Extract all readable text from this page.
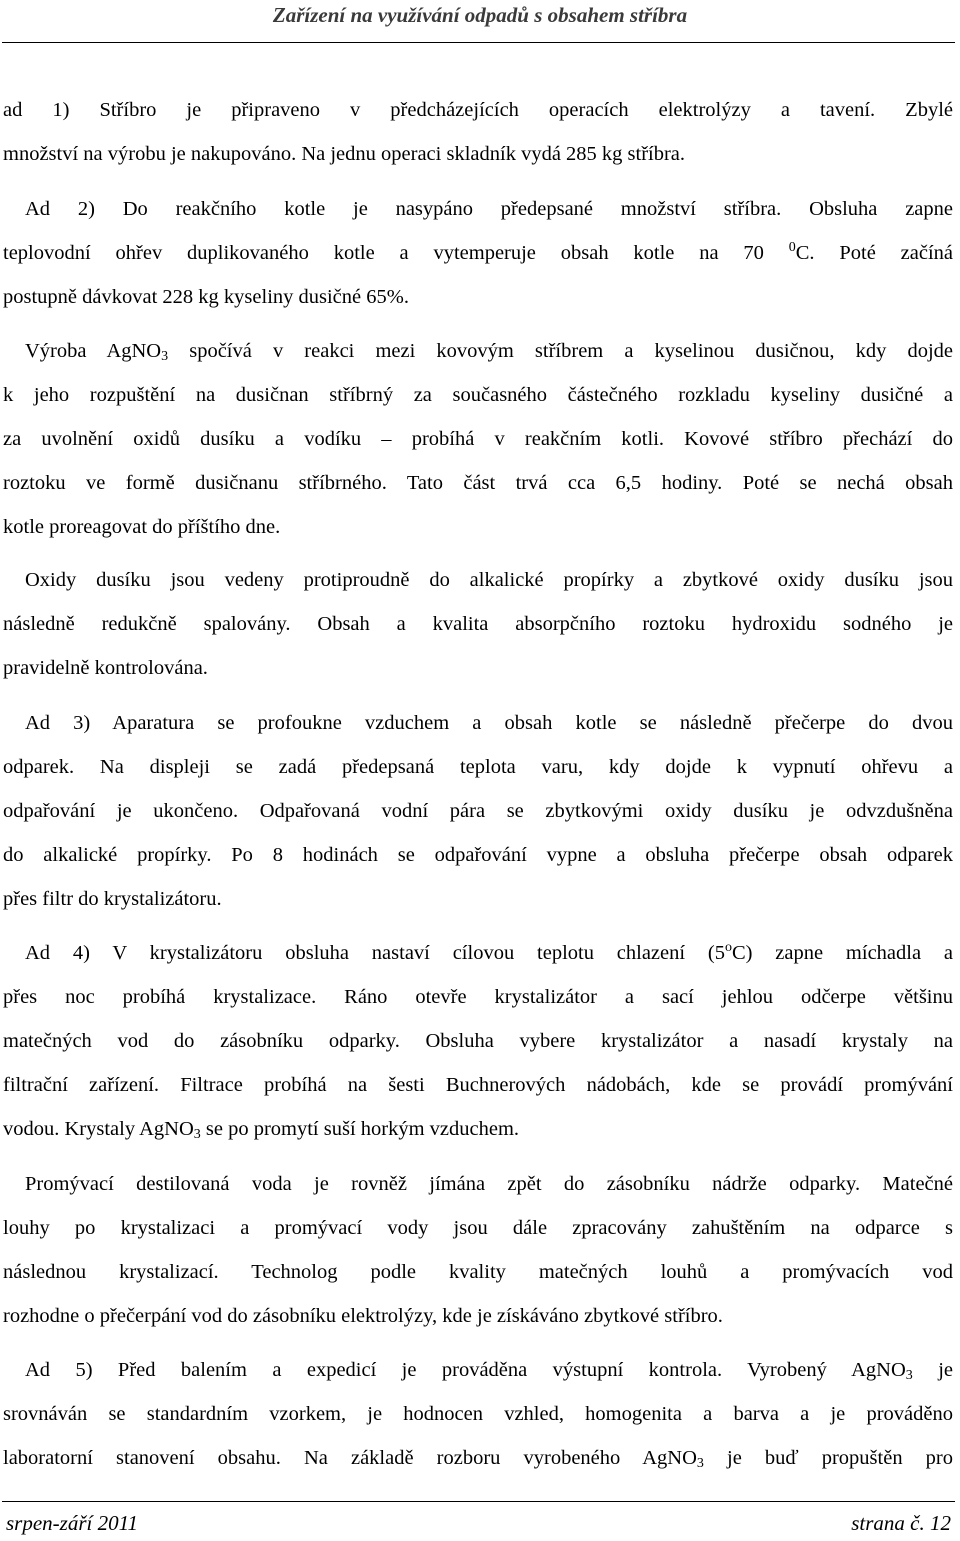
Zařízení na využívání odpadů s obsahem stříbra
ad 1) Stříbro je připraveno v předcházejících operacích elektrolýzy a tavení. Zbylé
množství na výrobu je nakupováno. Na jednu operaci skladník vydá 285 kg stříbra.
Ad 2) Do reakčního kotle je nasypáno předepsané množství stříbra. Obsluha zapne
teplovodní ohřev duplikovaného kotle a vytemperuje obsah kotle na 70 $^0$C. Poté začíná
postupně dávkovat 228 kg kyseliny dusičné 65%.
Výroba AgNO$_3$ spočívá v reakci mezi kovovým stříbrem a kyselinou dusičnou, kdy dojde
k jeho rozpuštění na dusičnan stříbrný za současného částečného rozkladu kyseliny dusičné a
za uvolnění oxidů dusíku a vodíku – probíhá v reakčním kotli. Kovové stříbro přechází do
roztoku ve formě dusičnanu stříbrného. Tato část trvá cca 6,5 hodiny. Poté se nechá obsah
kotle proreagovat do příštího dne.
Oxidy dusíku jsou vedeny protiproudně do alkalické propírky a zbytkové oxidy dusíku jsou
následně redukčně spalovány. Obsah a kvalita absorpčního roztoku hydroxidu sodného je
pravidelně kontrolována.
Ad 3) Aparatura se profoukne vzduchem a obsah kotle se následně přečerpe do dvou
odparek. Na displeji se zadá předepsaná teplota varu, kdy dojde k vypnutí ohřevu a
odpařování je ukončeno. Odpařovaná vodní pára se zbytkovými oxidy dusíku je odvzdušněna
do alkalické propírky. Po 8 hodinách se odpařování vypne a obsluha přečerpe obsah odparek
přes filtr do krystalizátoru.
Ad 4) V krystalizátoru obsluha nastaví cílovou teplotu chlazení (5$^o$C) zapne míchadla a
přes noc probíhá krystalizace. Ráno otevře krystalizátor a sací jehlou odčerpe většinu
matečných vod do zásobníku odparky. Obsluha vybere krystalizátor a nasadí krystaly na
filtrační zařízení. Filtrace probíhá na šesti Buchnerových nádobách, kde se provádí promývání
vodou. Krystaly AgNO$_3$ se po promytí suší horkým vzduchem.
Promývací destilovaná voda je rovněž jímána zpět do zásobníku nádrže odparky. Matečné
louhy po krystalizaci a promývací vody jsou dále zpracovány zahuštěním na odparce s
následnou krystalizací. Technolog podle kvality matečných louhů a promývacích vod
rozhodne o přečerpání vod do zásobníku elektrolýzy, kde je získáváno zbytkové stříbro.
Ad 5) Před balením a expedicí je prováděna výstupní kontrola. Vyrobený AgNO$_3$ je
srovnáván se standardním vzorkem, je hodnocen vzhled, homogenita a barva a je prováděno
laboratorní stanovení obsahu. Na základě rozboru vyrobeného AgNO$_3$ je buď propuštěn pro
srpen-září 2011	strana č. 12
